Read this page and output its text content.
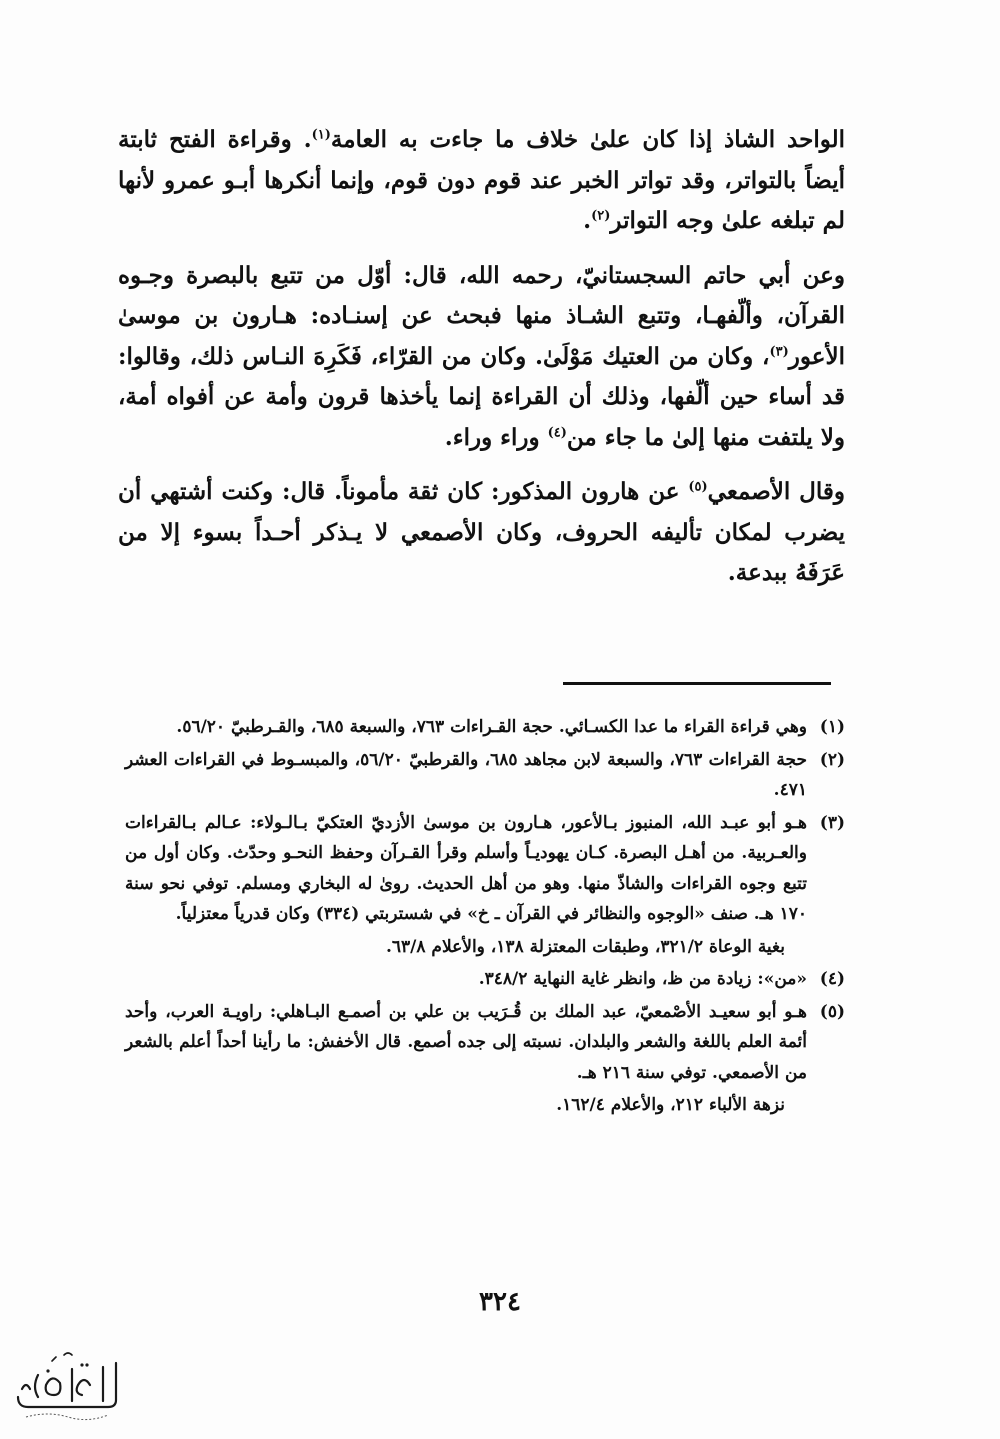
الواحد الشاذ إذا كان علىٰ خلاف ما جاءت به العامة$^{(١)}$. وقراءة الفتح ثابتة أيضاً بالتواتر، وقد تواتر الخبر عند قوم دون قوم، وإنما أنكرها أبـو عمرو لأنها لم تبلغه علىٰ وجه التواتر$^{(٢)}$.

وعن أبي حاتم السجستانيّ، رحمه الله، قال: أوّل من تتبع بالبصرة وجـوه القرآن، وألّفهـا، وتتبع الشـاذ منها فبحث عن إسنـاده: هـارون بن موسىٰ الأعور$^{(٣)}$، وكان من العتيك مَوْلَىٰ. وكان من القرّاء، فَكَرِهَ النـاس ذلك، وقالوا: قد أساء حين ألّفها، وذلك أن القراءة إنما يأخذها قرون وأمة عن أفواه أمة، ولا يلتفت منها إلىٰ ما جاء من$^{(٤)}$ وراء وراء.

وقال الأصمعي$^{(٥)}$ عن هارون المذكور: كان ثقة مأموناً. قال: وكنت أشتهي أن يضرب لمكان تأليفه الحروف، وكان الأصمعي لا يـذكر أحـداً بسوء إلا من عَرَفَهُ ببدعة.

(١)
وهي قراءة القراء ما عدا الكسـائي. حجة القـراءات ٧٦٣، والسبعة ٦٨٥، والقـرطبيّ ٥٦/٢٠.
(٢)
حجة القراءات ٧٦٣، والسبعة لابن مجاهد ٦٨٥، والقرطبيّ ٥٦/٢٠، والمبسـوط في القراءات العشر ٤٧١.
(٣)
هـو أبو عبـد الله، المنبوز بـالأعور، هـارون بن موسىٰ الأزديّ العتكيّ بـالـولاء: عـالم بـالقراءات والعـربية. من أهـل البصرة. كـان يهوديـاً وأسلم وقرأ القـرآن وحفظ النحـو وحدّث. وكان أول من تتبع وجوه القراءات والشاذّ منها. وهو من أهل الحديث. روىٰ له البخاري ومسلم. توفي نحو سنة ١٧٠ هـ. صنف «الوجوه والنظائر في القرآن ـ خ» في شستربتي (٣٣٤) وكان قدرياً معتزلياً.
بغية الوعاة ٣٢١/٢، وطبقات المعتزلة ١٣٨، والأعلام ٦٣/٨.
(٤)
«من»: زيادة من ظ، وانظر غاية النهاية ٣٤٨/٢.
(٥)
هـو أبو سعيـد الأصْمعيّ، عبد الملك بن قُـرَيب بن علي بن أصمـع البـاهلي: راويـة العرب، وأحد أئمة العلم باللغة والشعر والبلدان. نسبته إلى جده أصمع. قال الأخفش: ما رأينا أحداً أعلم بالشعر من الأصمعي. توفي سنة ٢١٦ هـ.
نزهة الألباء ٢١٢، والأعلام ١٦٢/٤.
٣٢٤
